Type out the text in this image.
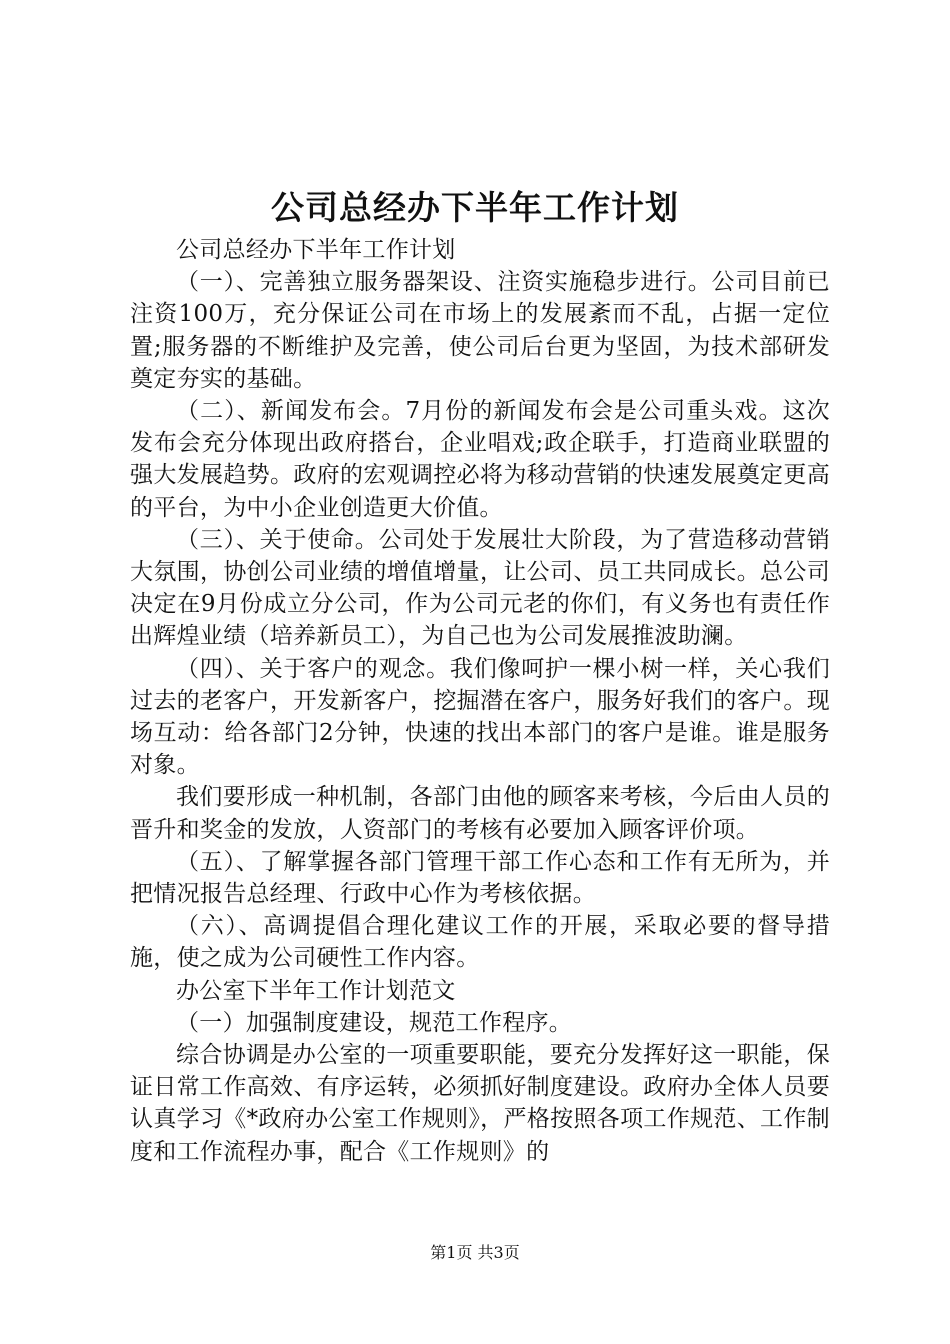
公司总经办下半年工作计划

公司总经办下半年工作计划

（一）、完善独立服务器架设、注资实施稳步进行。公司目前已注资100万，充分保证公司在市场上的发展紊而不乱，占据一定位置;服务器的不断维护及完善，使公司后台更为坚固，为技术部研发奠定夯实的基础。

（二）、新闻发布会。7月份的新闻发布会是公司重头戏。这次发布会充分体现出政府搭台，企业唱戏;政企联手，打造商业联盟的强大发展趋势。政府的宏观调控必将为移动营销的快速发展奠定更高的平台，为中小企业创造更大价值。

（三）、关于使命。公司处于发展壮大阶段，为了营造移动营销大氛围，协创公司业绩的增值增量，让公司、员工共同成长。总公司决定在9月份成立分公司，作为公司元老的你们，有义务也有责任作出辉煌业绩（培养新员工），为自己也为公司发展推波助澜。

（四）、关于客户的观念。我们像呵护一棵小树一样，关心我们过去的老客户，开发新客户，挖掘潜在客户，服务好我们的客户。现场互动：给各部门2分钟，快速的找出本部门的客户是谁。谁是服务对象。

我们要形成一种机制，各部门由他的顾客来考核，今后由人员的晋升和奖金的发放，人资部门的考核有必要加入顾客评价项。

（五）、了解掌握各部门管理干部工作心态和工作有无所为，并把情况报告总经理、行政中心作为考核依据。

（六）、高调提倡合理化建议工作的开展，采取必要的督导措施，使之成为公司硬性工作内容。

办公室下半年工作计划范文

（一）加强制度建设，规范工作程序。

综合协调是办公室的一项重要职能，要充分发挥好这一职能，保证日常工作高效、有序运转，必须抓好制度建设。政府办全体人员要认真学习《*政府办公室工作规则》，严格按照各项工作规范、工作制度和工作流程办事，配合《工作规则》的

第1页 共3页
